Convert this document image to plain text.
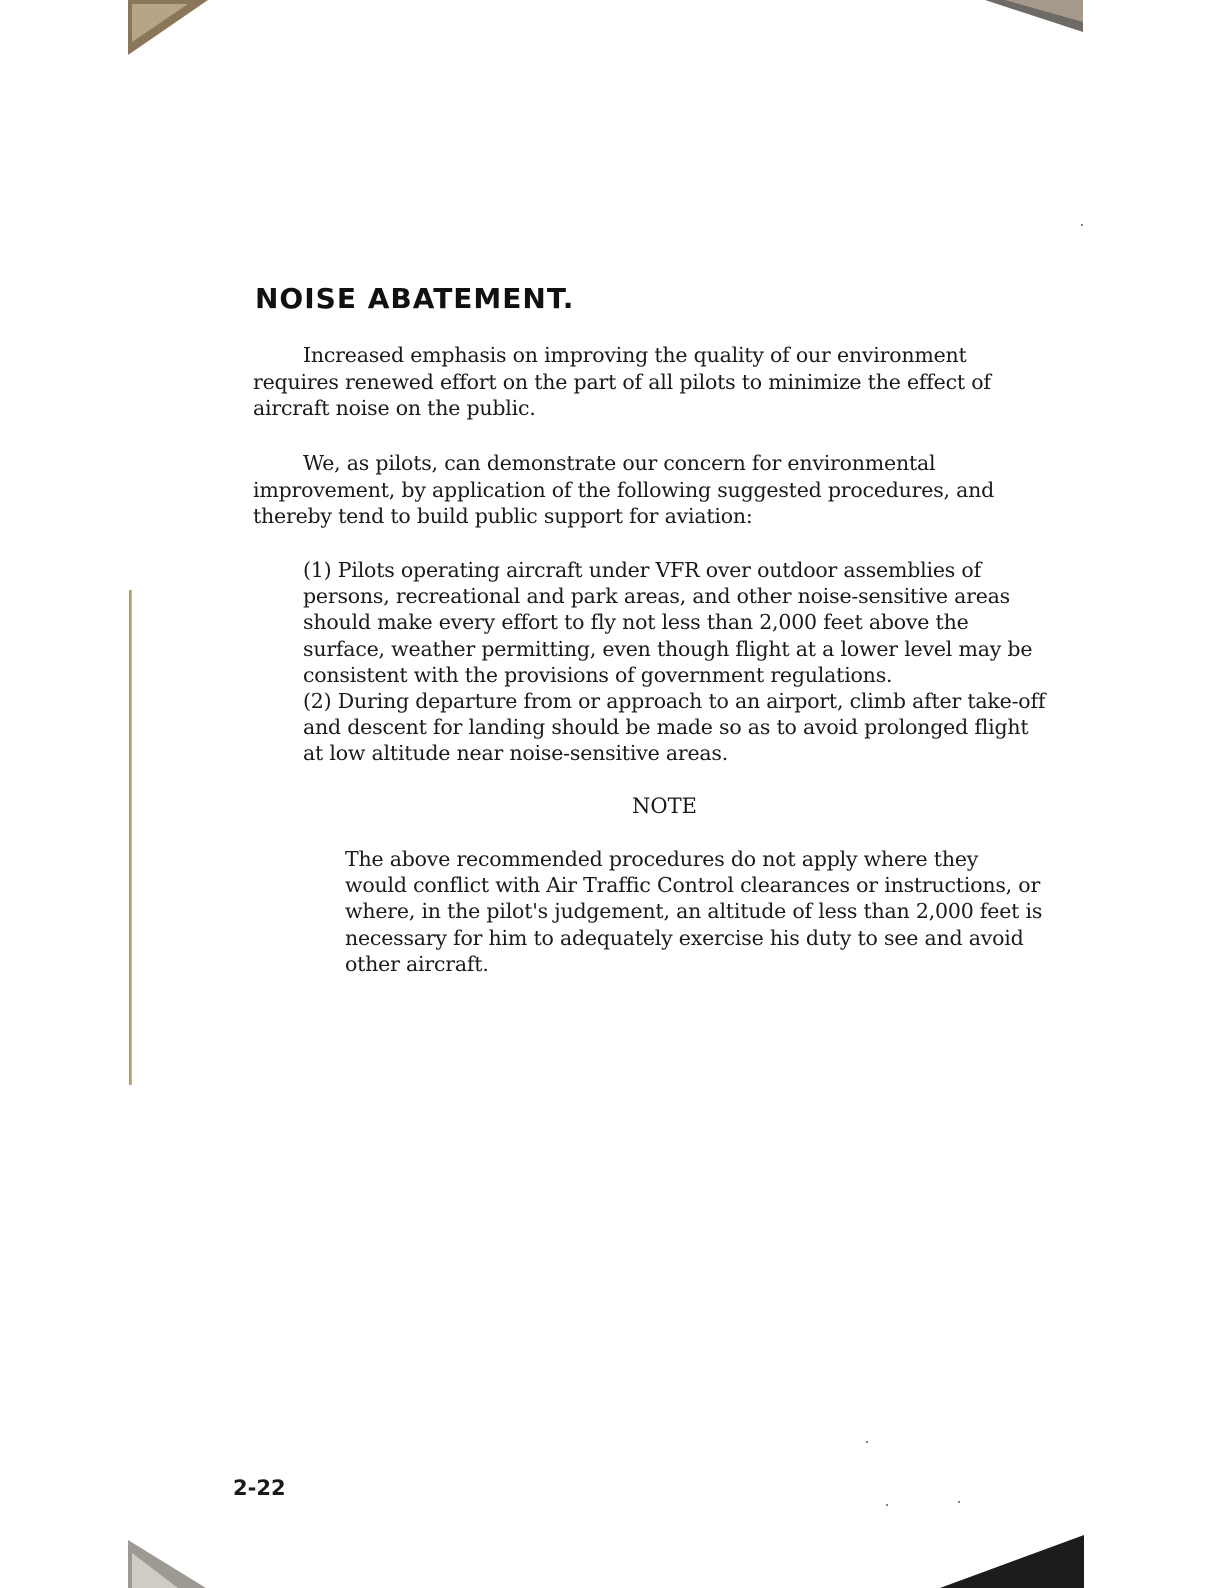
NOISE ABATEMENT.

Increased emphasis on improving the quality of our environment requires renewed effort on the part of all pilots to minimize the effect of aircraft noise on the public.

We, as pilots, can demonstrate our concern for environmental improvement, by application of the following suggested procedures, and thereby tend to build public support for aviation:

(1) Pilots operating aircraft under VFR over outdoor assemblies of persons, recreational and park areas, and other noise-sensitive areas should make every effort to fly not less than 2,000 feet above the surface, weather permitting, even though flight at a lower level may be consistent with the provisions of government regulations.

(2) During departure from or approach to an airport, climb after take-off and descent for landing should be made so as to avoid prolonged flight at low altitude near noise-sensitive areas.

NOTE

The above recommended procedures do not apply where they would conflict with Air Traffic Control clearances or instructions, or where, in the pilot's judgement, an altitude of less than 2,000 feet is necessary for him to adequately exercise his duty to see and avoid other aircraft.

2-22
